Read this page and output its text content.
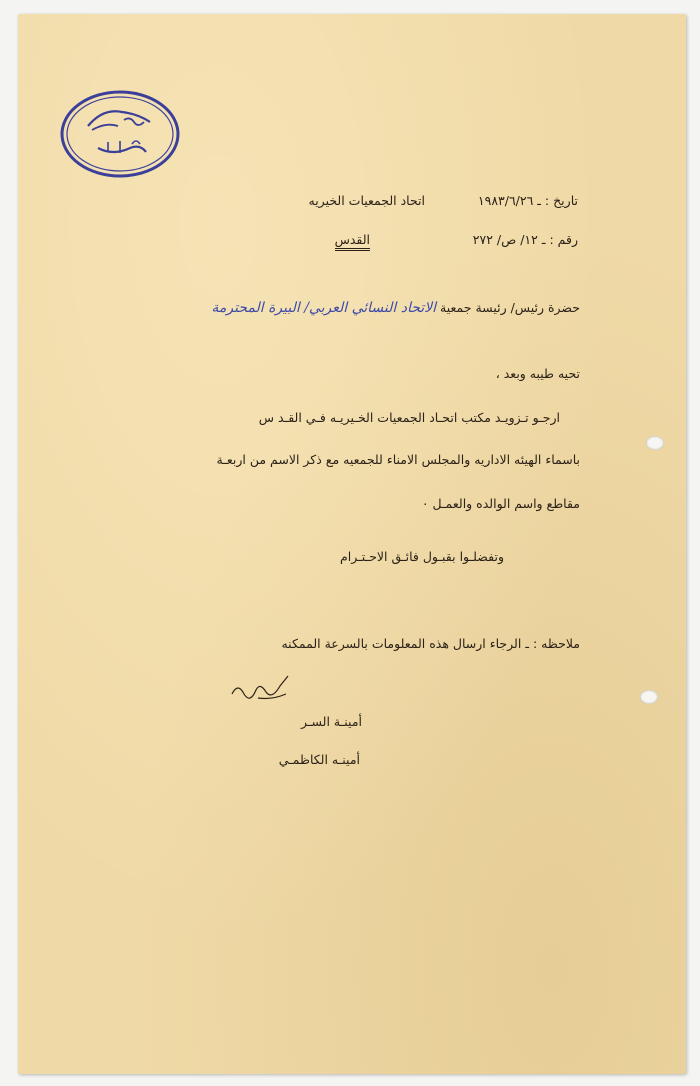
تاريخ : ـ ١٩٨٣/٦/٢٦
اتحاد الجمعيات الخيريه
رقم : ـ ١٢/ ص/ ٢٧٢
القدس
حضرة رئيس/ رئيسة جمعية الاتحاد النسائي العربي/ البيرة المحترمة
تحيه طيبه وبعد ،
ارجـو تـزويـد مكتب اتحـاد الجمعيات الخـيريـه فـي القـد س
باسماء الهيئه الاداريه والمجلس الامناء للجمعيه مع ذكر الاسم من اربعـة
مقاطع واسم الوالده والعمـل ٠
وتفضلـوا بقبـول فائـق الاحـتـرام
ملاحظه : ـ الرجاء ارسال هذه المعلومات بالسرعة الممكنه
أمينـة السـر
أمينـه الكاظمـي
